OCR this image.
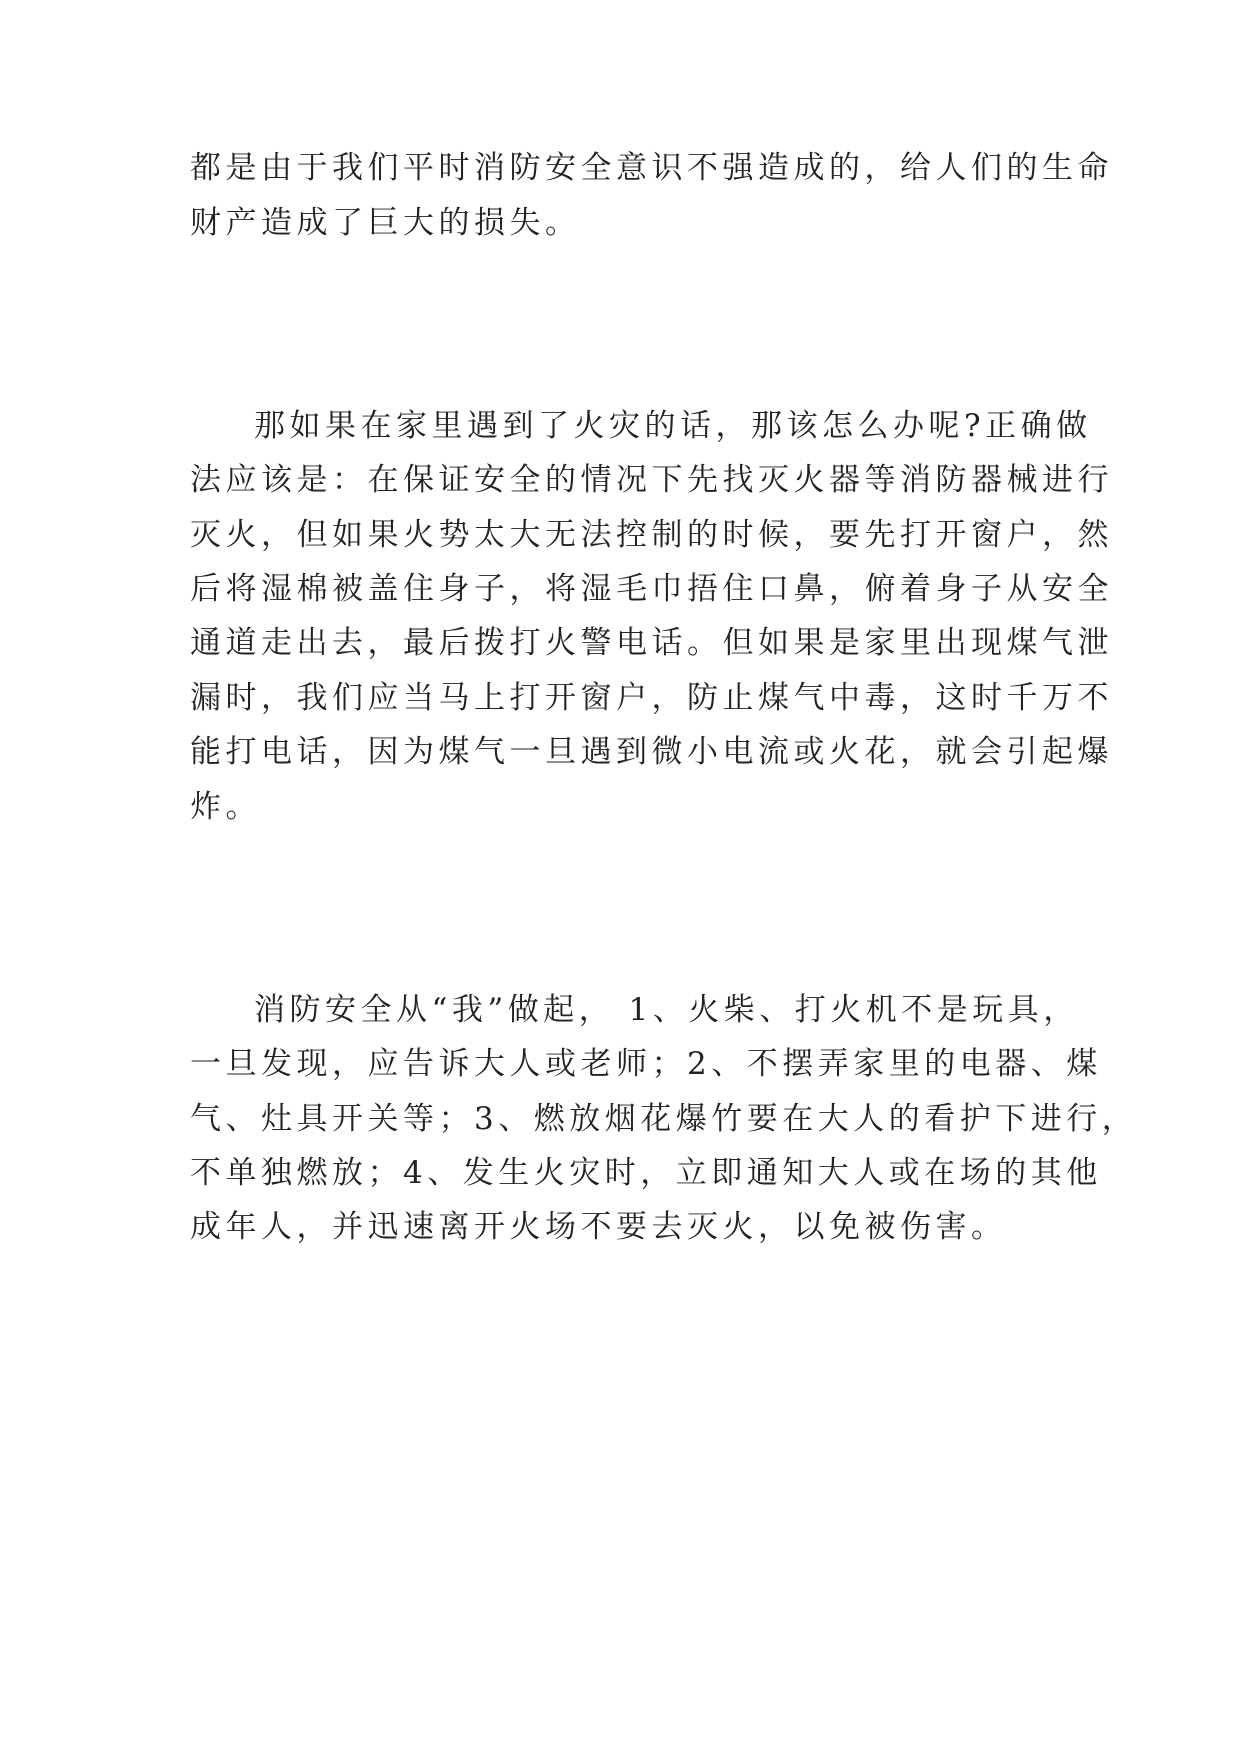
都是由于我们平时消防安全意识不强造成的，给人们的生命
财产造成了巨大的损失。
那如果在家里遇到了火灾的话，那该怎么办呢?正确做
法应该是：在保证安全的情况下先找灭火器等消防器械进行
灭火，但如果火势太大无法控制的时候，要先打开窗户，然
后将湿棉被盖住身子，将湿毛巾捂住口鼻，俯着身子从安全
通道走出去，最后拨打火警电话。但如果是家里出现煤气泄
漏时，我们应当马上打开窗户，防止煤气中毒，这时千万不
能打电话，因为煤气一旦遇到微小电流或火花，就会引起爆
炸。
消防安全从“我”做起， 1、火柴、打火机不是玩具，
一旦发现，应告诉大人或老师；2、不摆弄家里的电器、煤
气、灶具开关等；3、燃放烟花爆竹要在大人的看护下进行，
不单独燃放；4、发生火灾时，立即通知大人或在场的其他
成年人，并迅速离开火场不要去灭火，以免被伤害。
